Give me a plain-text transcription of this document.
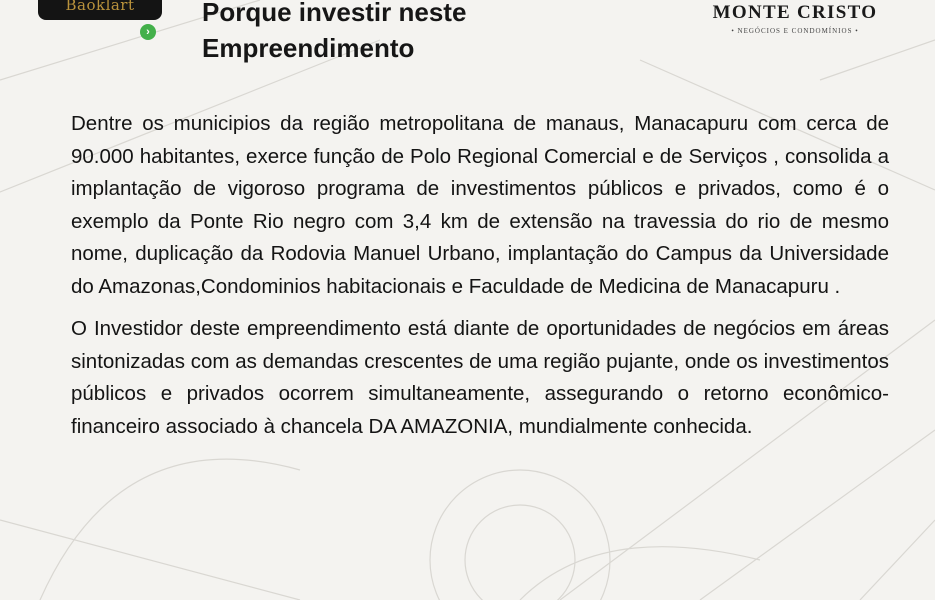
Baoklart
›
Porque investir neste
Empreendimento
MONTE CRISTO
• NEGÓCIOS E CONDOMÍNIOS •

Dentre os municipios da região metropolitana de manaus, Manacapuru com cerca de 90.000 habitantes, exerce função de Polo Regional Comercial e de Serviços , consolida a implantação de vigoroso programa de investimentos públicos e privados, como é o exemplo da Ponte Rio negro com 3,4 km de extensão na travessia do rio de mesmo nome, duplicação da Rodovia Manuel Urbano, implantação do Campus da Universidade do Amazonas,Condominios habitacionais e Faculdade de Medicina de Manacapuru .

O Investidor deste empreendimento está diante de oportunidades de negócios em áreas sintonizadas com as demandas crescentes de uma região pujante, onde os investimentos públicos e privados ocorrem simultaneamente, assegurando o retorno econômico-financeiro associado à chancela DA AMAZONIA, mundialmente conhecida.
